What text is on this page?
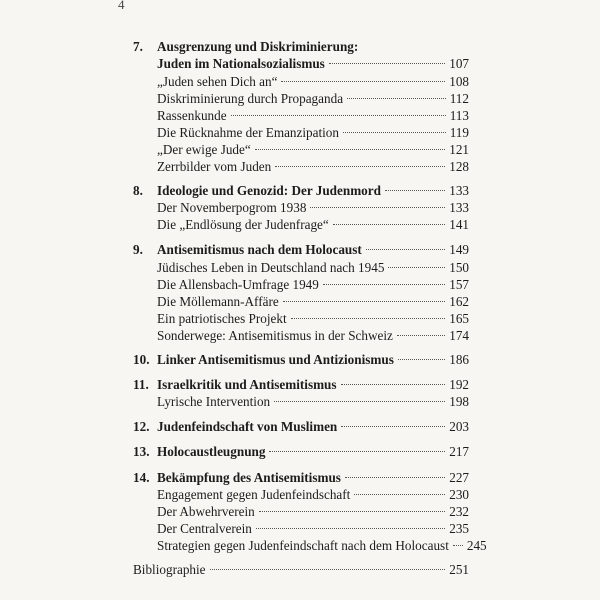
4
7. Ausgrenzung und Diskriminierung:
Juden im Nationalsozialismus	107
„Juden sehen Dich an“	108
Diskriminierung durch Propaganda	112
Rassenkunde	113
Die Rücknahme der Emanzipation	119
„Der ewige Jude“	121
Zerrbilder vom Juden	128
8. Ideologie und Genozid: Der Judenmord	133
Der Novemberpogrom 1938	133
Die „Endlösung der Judenfrage“	141
9. Antisemitismus nach dem Holocaust	149
Jüdisches Leben in Deutschland nach 1945	150
Die Allensbach-Umfrage 1949	157
Die Möllemann-Affäre	162
Ein patriotisches Projekt	165
Sonderwege: Antisemitismus in der Schweiz	174
10. Linker Antisemitismus und Antizionismus	186
11. Israelkritik und Antisemitismus	192
Lyrische Intervention	198
12. Judenfeindschaft von Muslimen	203
13. Holocaustleugnung	217
14. Bekämpfung des Antisemitismus	227
Engagement gegen Judenfeindschaft	230
Der Abwehrverein	232
Der Centralverein	235
Strategien gegen Judenfeindschaft nach dem Holocaust 245
Bibliographie	251
